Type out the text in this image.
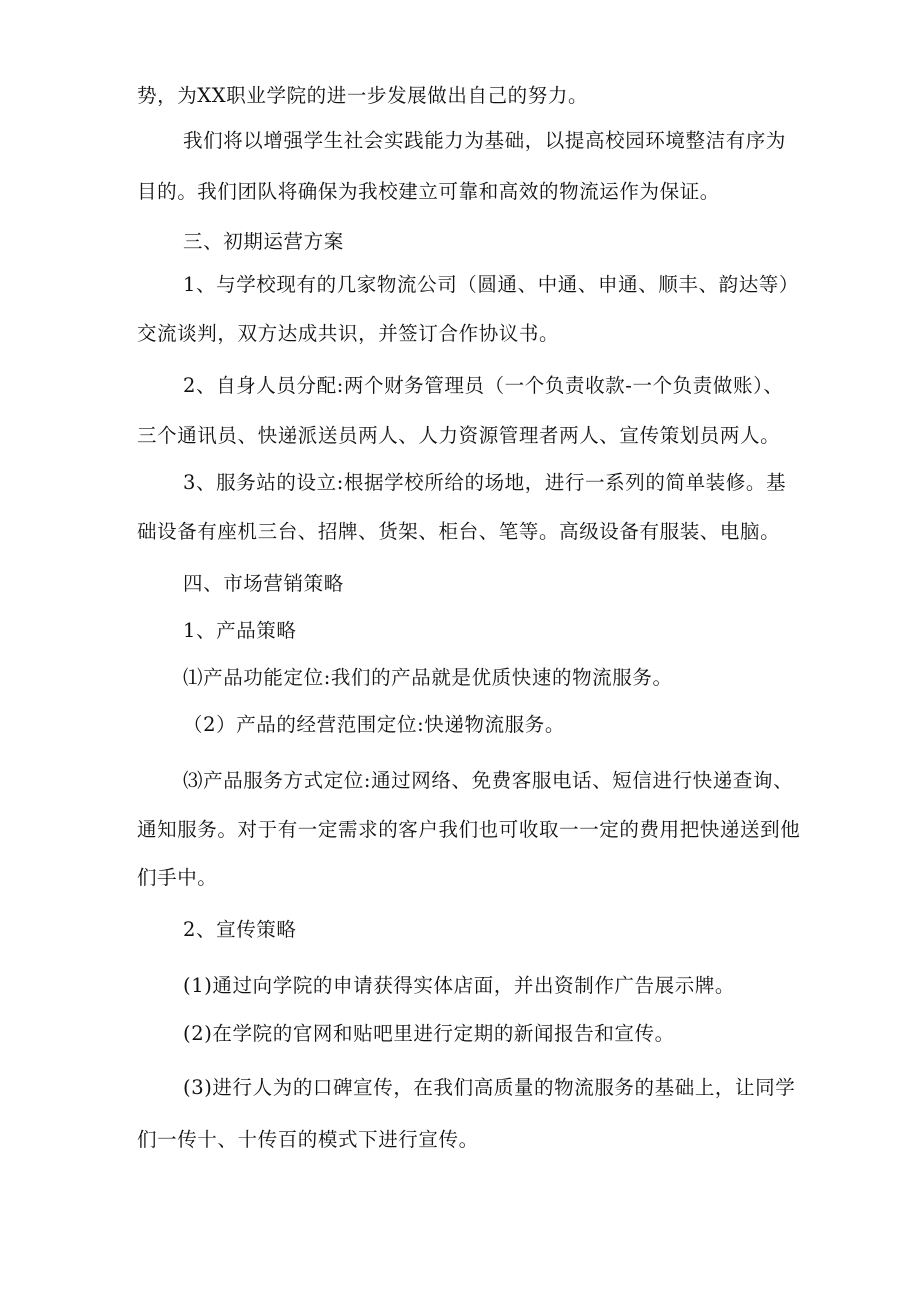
势，为XX职业学院的进一步发展做出自己的努力。
我们将以增强学生社会实践能力为基础，以提高校园环境整洁有序为
目的。我们团队将确保为我校建立可靠和高效的物流运作为保证。
三、初期运营方案
1、与学校现有的几家物流公司（圆通、中通、申通、顺丰、韵达等）
交流谈判，双方达成共识，并签订合作协议书。
2、自身人员分配:两个财务管理员（一个负责收款-一个负责做账）、
三个通讯员、快递派送员两人、人力资源管理者两人、宣传策划员两人。
3、服务站的设立:根据学校所给的场地，进行一系列的简单装修。基
础设备有座机三台、招牌、货架、柜台、笔等。高级设备有服装、电脑。
四、市场营销策略
1、产品策略
⑴产品功能定位:我们的产品就是优质快速的物流服务。
（2）产品的经营范围定位:快递物流服务。
⑶产品服务方式定位:通过网络、免费客服电话、短信进行快递查询、
通知服务。对于有一定需求的客户我们也可收取一一定的费用把快递送到他
们手中。
2、宣传策略
(1)通过向学院的申请获得实体店面，并出资制作广告展示牌。
(2)在学院的官网和贴吧里进行定期的新闻报告和宣传。
(3)进行人为的口碑宣传，在我们高质量的物流服务的基础上，让同学
们一传十、十传百的模式下进行宣传。
